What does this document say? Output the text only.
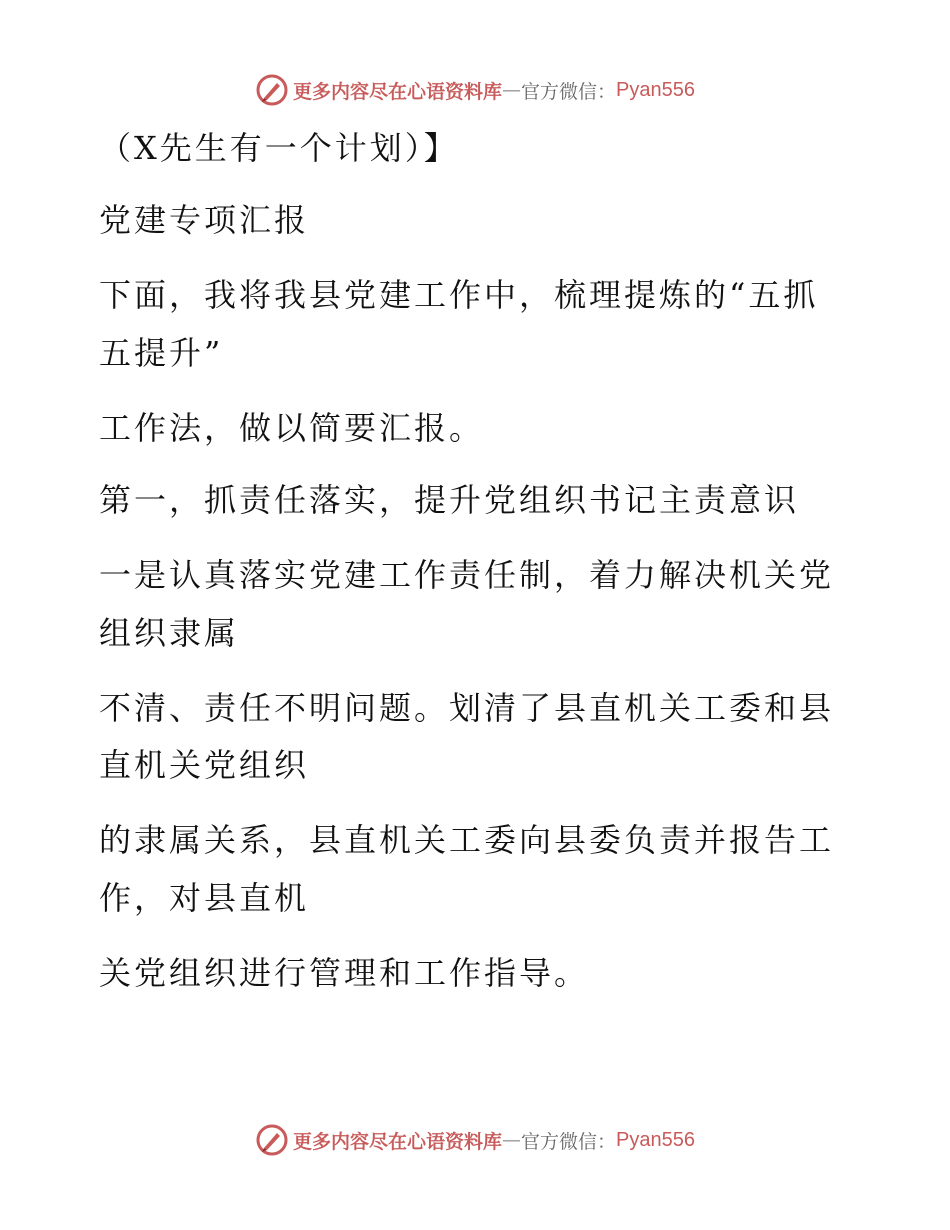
更多内容尽在心语资料库 — 官方微信： Pyan556
（X先生有一个计划）】
党建专项汇报
下面，我将我县党建工作中，梳理提炼的“五抓
五提升”
工作法，做以简要汇报。
第一，抓责任落实，提升党组织书记主责意识
一是认真落实党建工作责任制，着力解决机关党
组织隶属
不清、责任不明问题。划清了县直机关工委和县
直机关党组织
的隶属关系，县直机关工委向县委负责并报告工
作，对县直机
关党组织进行管理和工作指导。
更多内容尽在心语资料库 — 官方微信： Pyan556
